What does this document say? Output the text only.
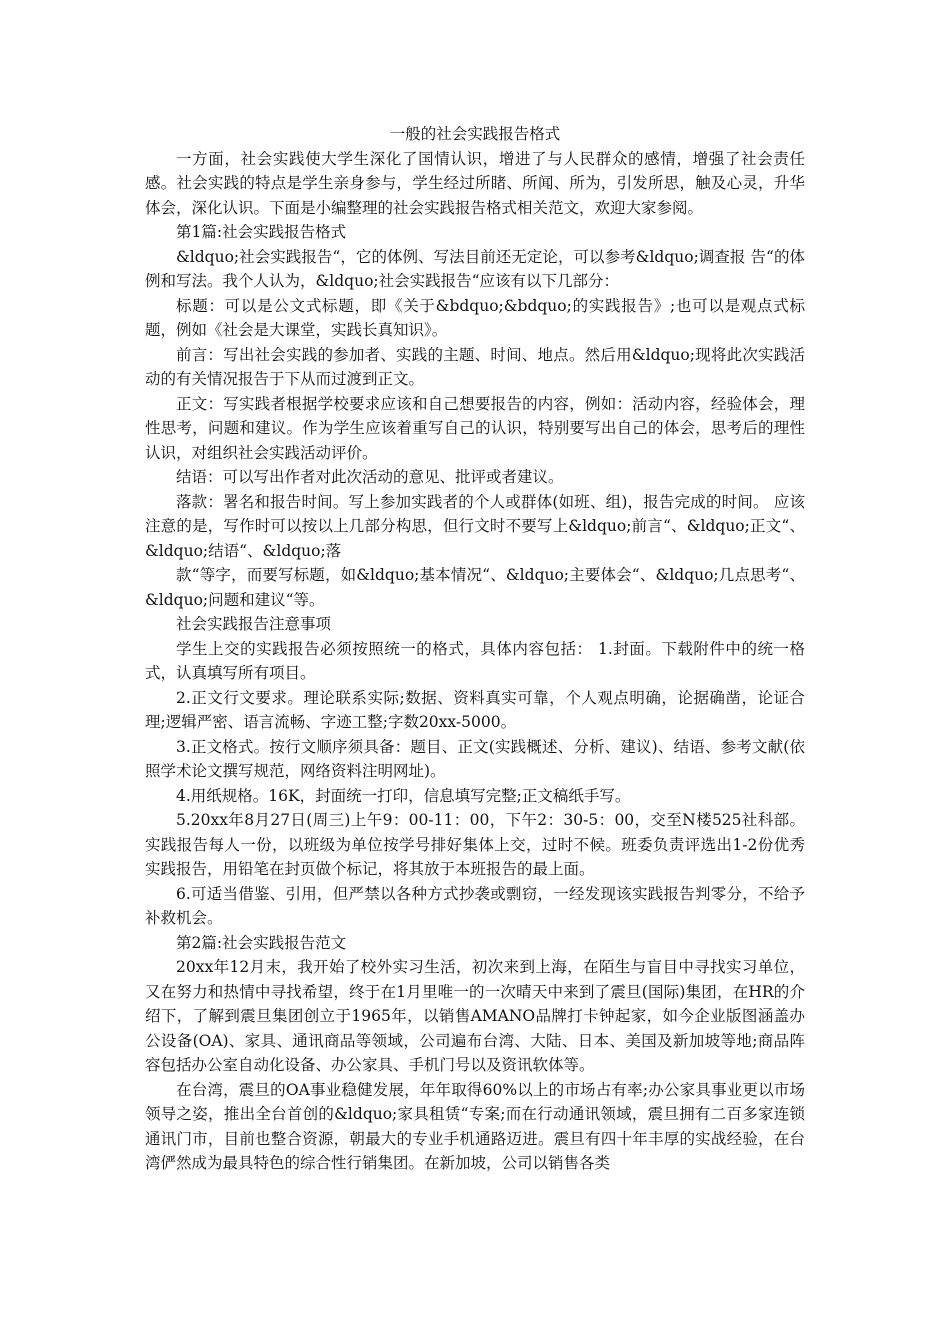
一般的社会实践报告格式

一方面，社会实践使大学生深化了国情认识，增进了与人民群众的感情，增强了社会责任感。社会实践的特点是学生亲身参与，学生经过所睹、所闻、所为，引发所思，触及心灵，升华体会，深化认识。下面是小编整理的社会实践报告格式相关范文，欢迎大家参阅。

第1篇:社会实践报告格式

&ldquo;社会实践报告“，它的体例、写法目前还无定论，可以参考&ldquo;调查报 告“的体例和写法。我个人认为，&ldquo;社会实践报告“应该有以下几部分：

标题：可以是公文式标题，即《关于&bdquo;&bdquo;的实践报告》;也可以是观点式标题，例如《社会是大课堂，实践长真知识》。

前言：写出社会实践的参加者、实践的主题、时间、地点。然后用&ldquo;现将此次实践活动的有关情况报告于下从而过渡到正文。

正文：写实践者根据学校要求应该和自己想要报告的内容，例如：活动内容，经验体会，理性思考，问题和建议。作为学生应该着重写自己的认识，特别要写出自己的体会，思考后的理性认识，对组织社会实践活动评价。

结语：可以写出作者对此次活动的意见、批评或者建议。

落款：署名和报告时间。写上参加实践者的个人或群体(如班、组)，报告完成的时间。 应该注意的是，写作时可以按以上几部分构思，但行文时不要写上&ldquo;前言“、&ldquo;正文“、&ldquo;结语“、&ldquo;落

款“等字，而要写标题，如&ldquo;基本情况“、&ldquo;主要体会“、&ldquo;几点思考“、&ldquo;问题和建议“等。

社会实践报告注意事项

学生上交的实践报告必须按照统一的格式，具体内容包括： 1.封面。下载附件中的统一格式，认真填写所有项目。

2.正文行文要求。理论联系实际;数据、资料真实可靠，个人观点明确，论据确凿，论证合理;逻辑严密、语言流畅、字迹工整;字数20xx-5000。

3.正文格式。按行文顺序须具备：题目、正文(实践概述、分析、建议)、结语、参考文献(依照学术论文撰写规范，网络资料注明网址)。

4.用纸规格。16K，封面统一打印，信息填写完整;正文稿纸手写。

5.20xx年8月27日(周三)上午9：00-11：00，下午2：30-5：00，交至N楼525社科部。实践报告每人一份，以班级为单位按学号排好集体上交，过时不候。班委负责评选出1-2份优秀实践报告，用铅笔在封页做个标记，将其放于本班报告的最上面。

6.可适当借鉴、引用，但严禁以各种方式抄袭或剽窃，一经发现该实践报告判零分，不给予补救机会。

第2篇:社会实践报告范文

20xx年12月末，我开始了校外实习生活，初次来到上海，在陌生与盲目中寻找实习单位，又在努力和热情中寻找希望，终于在1月里唯一的一次晴天中来到了震旦(国际)集团，在HR的介绍下，了解到震旦集团创立于1965年，以销售AMANO品牌打卡钟起家，如今企业版图涵盖办公设备(OA)、家具、通讯商品等领域，公司遍布台湾、大陆、日本、美国及新加坡等地;商品阵容包括办公室自动化设备、办公家具、手机门号以及资讯软体等。

在台湾，震旦的OA事业稳健发展，年年取得60%以上的市场占有率;办公家具事业更以市场领导之姿，推出全台首创的&ldquo;家具租赁“专案;而在行动通讯领域，震旦拥有二百多家连锁通讯门市，目前也整合资源，朝最大的专业手机通路迈进。震旦有四十年丰厚的实战经验，在台湾俨然成为最具特色的综合性行销集团。在新加坡，公司以销售各类
